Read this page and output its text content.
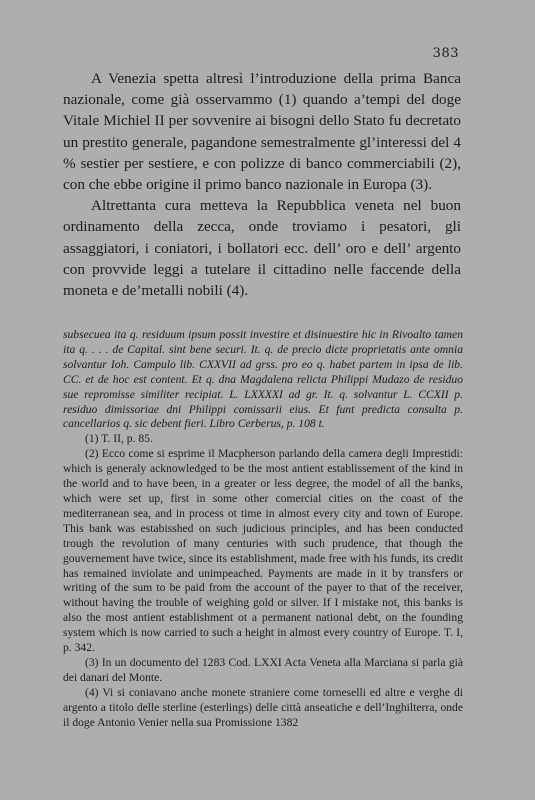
383

A Venezia spetta altresì l’introduzione della prima Banca nazionale, come già osservammo (1) quando a’tempi del doge Vitale Michiel II per sovvenire ai bisogni dello Stato fu decretato un prestito generale, pagandone semestralmente gl’interessi del 4 % sestier per sestiere, e con polizze di banco commerciabili (2), con che ebbe origine il primo banco nazionale in Europa (3).

Altrettanta cura metteva la Repubblica veneta nel buon ordinamento della zecca, onde troviamo i pesatori, gli assaggiatori, i coniatori, i bollatori ecc. dell’ oro e dell’ argento con provvide leggi a tutelare il cittadino nelle faccende della moneta e de’metalli nobili (4).

subsecuea ita q. residuum ipsum possit investire et disinuestire hic in Rivoalto tamen ita q. . . . de Capital. sint bene securi. It. q. de precio dicte proprietatis ante omnia solvantur Ioh. Campulo lib. CXXVII ad grss. pro eo q. habet partem in ipsa de lib. CC. et de hoc est content. Et q. dna Magdalena relicta Philippi Mudazo de residuo sue repromisse similiter recipiat. L. LXXXXI ad gr. It. q. solvantur L. CCXII p. residuo dimissoriae dni Philippi comissarii eius. Et funt predicta consulta p. cancellarios q. sic debent fieri. Libro Cerberus, p. 108 t.

(1) T. II, p. 85.

(2) Ecco come si esprime il Macpherson parlando della camera degli Imprestidi: which is generaly acknowledged to be the most antient establissement of the kind in the world and to have been, in a greater or less degree, the model of all the banks, which were set up, first in some other comercial cities on the coast of the mediterranean sea, and in process ot time in almost every city and town of Europe. This bank was estabisshed on such judicious principles, and has been conducted trough the revolution of many centuries with such prudence, that though the gouvernement have twice, since its establishment, made free with his funds, its credit has remained inviolate and unimpeached. Payments are made in it by transfers or writing of the sum to be paid from the account of the payer to that of the receiver, without having the trouble of weighing gold or silver. If I mistake not, this banks is also the most antient establishment ot a permanent national debt, on the founding system which is now carried to such a height in almost every country of Europe. T. I, p. 342.

(3) In un documento del 1283 Cod. LXXI Acta Veneta alla Marciana si parla già dei danari del Monte.

(4) Vi si coniavano anche monete straniere come torneselli ed altre e verghe di argento a titolo delle sterline (esterlings) delle città anseatiche e dell’Inghilterra, onde il doge Antonio Venier nella sua Promissione 1382
